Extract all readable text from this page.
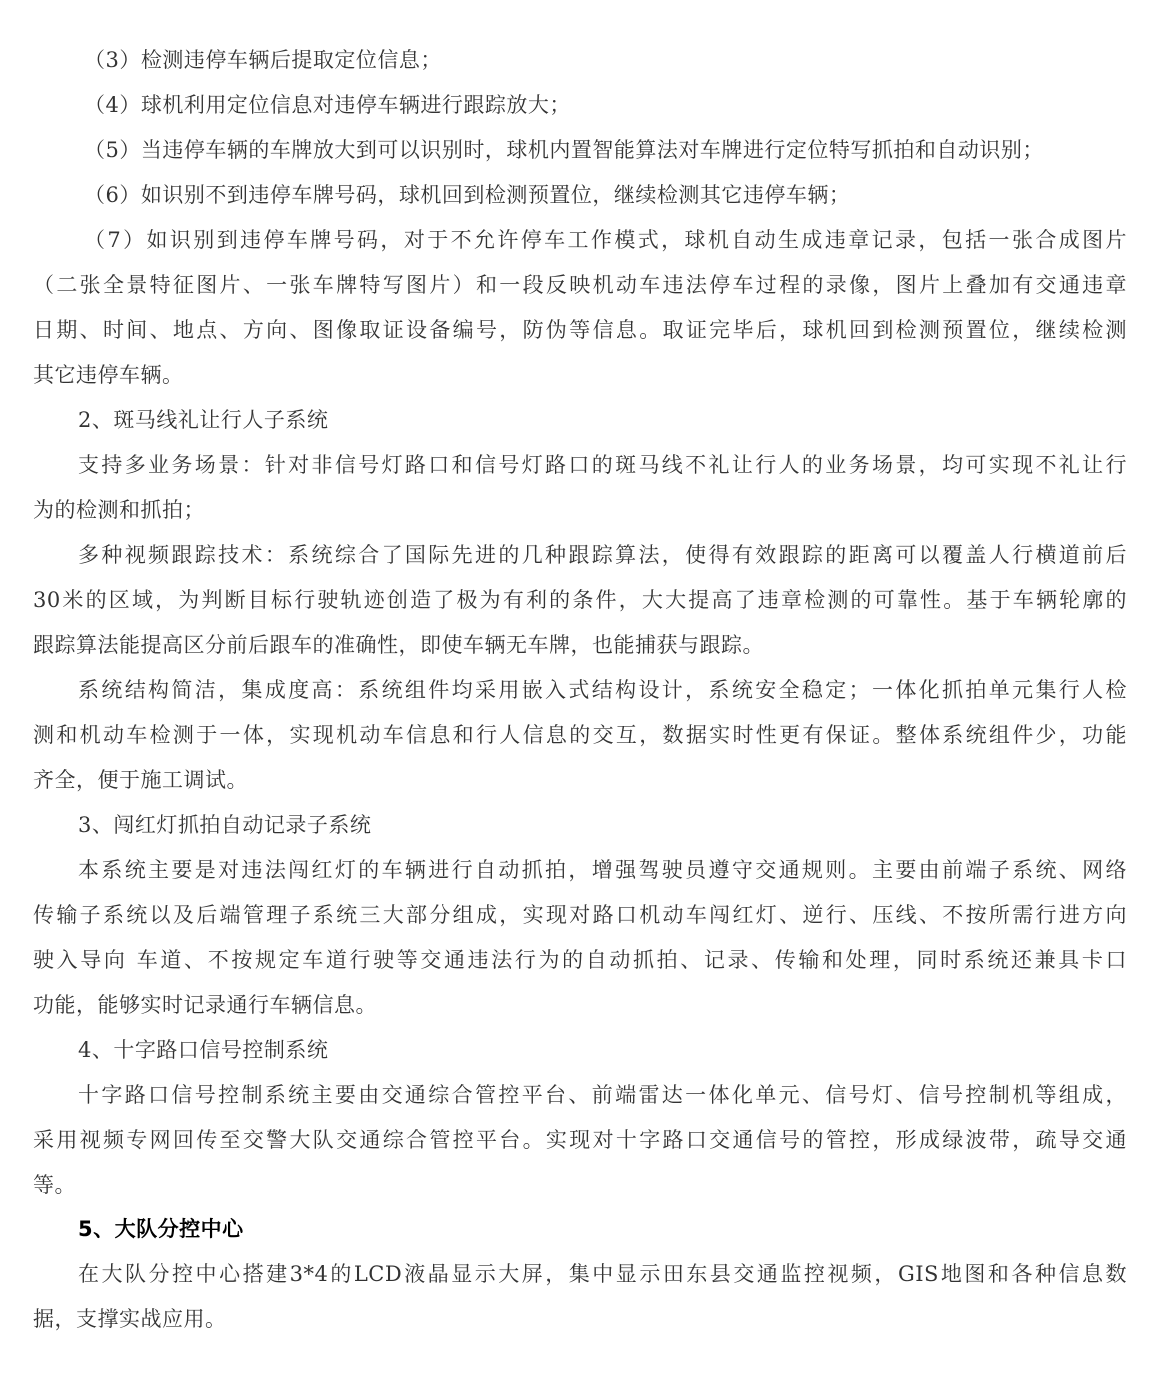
（3）检测违停车辆后提取定位信息；
（4）球机利用定位信息对违停车辆进行跟踪放大；
（5）当违停车辆的车牌放大到可以识别时，球机内置智能算法对车牌进行定位特写抓拍和自动识别；
（6）如识别不到违停车牌号码，球机回到检测预置位，继续检测其它违停车辆；
（7）如识别到违停车牌号码，对于不允许停车工作模式，球机自动生成违章记录，包括一张合成图片
（二张全景特征图片、一张车牌特写图片）和一段反映机动车违法停车过程的录像，图片上叠加有交通违章
日期、时间、地点、方向、图像取证设备编号，防伪等信息。取证完毕后，球机回到检测预置位，继续检测
其它违停车辆。
2、斑马线礼让行人子系统
支持多业务场景：针对非信号灯路口和信号灯路口的斑马线不礼让行人的业务场景，均可实现不礼让行
为的检测和抓拍；
多种视频跟踪技术：系统综合了国际先进的几种跟踪算法，使得有效跟踪的距离可以覆盖人行横道前后
30米的区域，为判断目标行驶轨迹创造了极为有利的条件，大大提高了违章检测的可靠性。基于车辆轮廓的
跟踪算法能提高区分前后跟车的准确性，即使车辆无车牌，也能捕获与跟踪。
系统结构简洁，集成度高：系统组件均采用嵌入式结构设计，系统安全稳定；一体化抓拍单元集行人检
测和机动车检测于一体，实现机动车信息和行人信息的交互，数据实时性更有保证。整体系统组件少，功能
齐全，便于施工调试。
3、闯红灯抓拍自动记录子系统
本系统主要是对违法闯红灯的车辆进行自动抓拍，增强驾驶员遵守交通规则。主要由前端子系统、网络
传输子系统以及后端管理子系统三大部分组成，实现对路口机动车闯红灯、逆行、压线、不按所需行进方向
驶入导向 车道、不按规定车道行驶等交通违法行为的自动抓拍、记录、传输和处理，同时系统还兼具卡口
功能，能够实时记录通行车辆信息。
4、十字路口信号控制系统
十字路口信号控制系统主要由交通综合管控平台、前端雷达一体化单元、信号灯、信号控制机等组成，
采用视频专网回传至交警大队交通综合管控平台。实现对十字路口交通信号的管控，形成绿波带，疏导交通
等。
5、大队分控中心
在大队分控中心搭建3*4的LCD液晶显示大屏，集中显示田东县交通监控视频，GIS地图和各种信息数
据，支撑实战应用。
